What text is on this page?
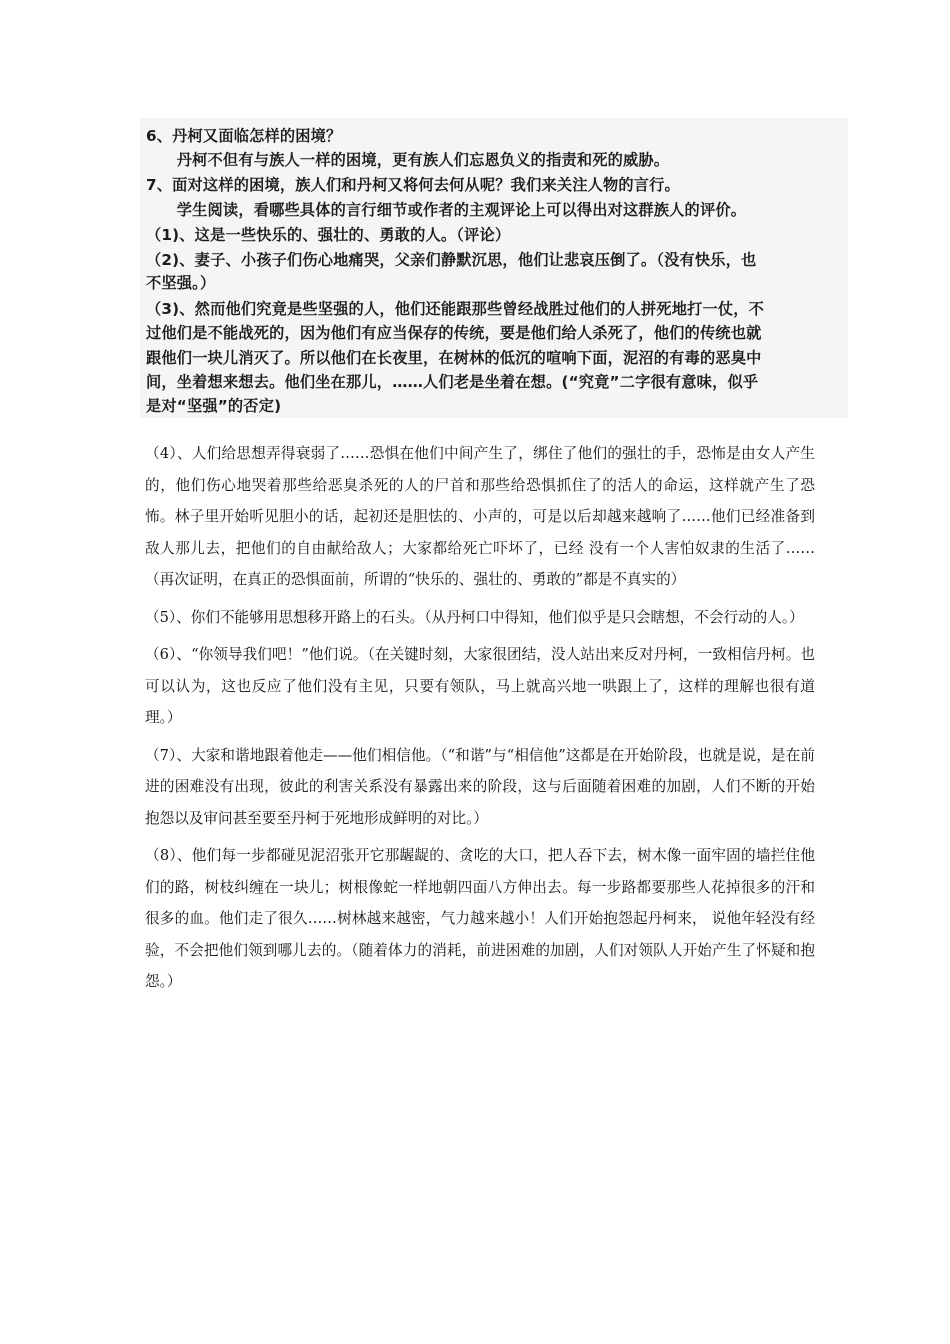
6、丹柯又面临怎样的困境？
　　丹柯不但有与族人一样的困境，更有族人们忘恩负义的指责和死的威胁。
7、面对这样的困境，族人们和丹柯又将何去何从呢？我们来关注人物的言行。
　　学生阅读，看哪些具体的言行细节或作者的主观评论上可以得出对这群族人的评价。
（1)、这是一些快乐的、强壮的、勇敢的人。（评论）
（2)、妻子、小孩子们伤心地痛哭，父亲们静默沉思，他们让悲哀压倒了。（没有快乐，也
不坚强。）
（3)、然而他们究竟是些坚强的人，他们还能跟那些曾经战胜过他们的人拼死地打一仗，不
过他们是不能战死的，因为他们有应当保存的传统，要是他们给人杀死了，他们的传统也就
跟他们一块儿消灭了。所以他们在长夜里，在树林的低沉的喧响下面，泥沼的有毒的恶臭中
间，坐着想来想去。他们坐在那儿，……人们老是坐着在想。(“究竟”二字很有意味，似乎
是对“坚强”的否定)

（4）、人们给思想弄得衰弱了……恐惧在他们中间产生了，绑住了他们的强壮的手，恐怖是由女人产生的，他们伤心地哭着那些给恶臭杀死的人的尸首和那些给恐惧抓住了的活人的命运，这样就产生了恐怖。林子里开始听见胆小的话，起初还是胆怯的、小声的，可是以后却越来越响了……他们已经准备到敌人那儿去，把他们的自由献给敌人；大家都给死亡吓坏了，已经 没有一个人害怕奴隶的生活了……（再次证明，在真正的恐惧面前，所谓的“快乐的、强壮的、勇敢的”都是不真实的）

（5）、你们不能够用思想移开路上的石头。（从丹柯口中得知，他们似乎是只会瞎想，不会行动的人。）

（6）、“你领导我们吧！”他们说。（在关键时刻，大家很团结，没人站出来反对丹柯，一致相信丹柯。也可以认为，这也反应了他们没有主见，只要有领队，马上就高兴地一哄跟上了，这样的理解也很有道理。）

（7）、大家和谐地跟着他走——他们相信他。（“和谐”与“相信他”这都是在开始阶段，也就是说，是在前进的困难没有出现，彼此的利害关系没有暴露出来的阶段，这与后面随着困难的加剧，人们不断的开始抱怨以及审问甚至要至丹柯于死地形成鲜明的对比。）

（8）、他们每一步都碰见泥沼张开它那龌龊的、贪吃的大口，把人吞下去，树木像一面牢固的墙拦住他们的路，树枝纠缠在一块儿；树根像蛇一样地朝四面八方伸出去。每一步路都要那些人花掉很多的汗和很多的血。他们走了很久……树林越来越密，气力越来越小！人们开始抱怨起丹柯来， 说他年轻没有经验，不会把他们领到哪儿去的。（随着体力的消耗，前进困难的加剧，人们对领队人开始产生了怀疑和抱怨。）
